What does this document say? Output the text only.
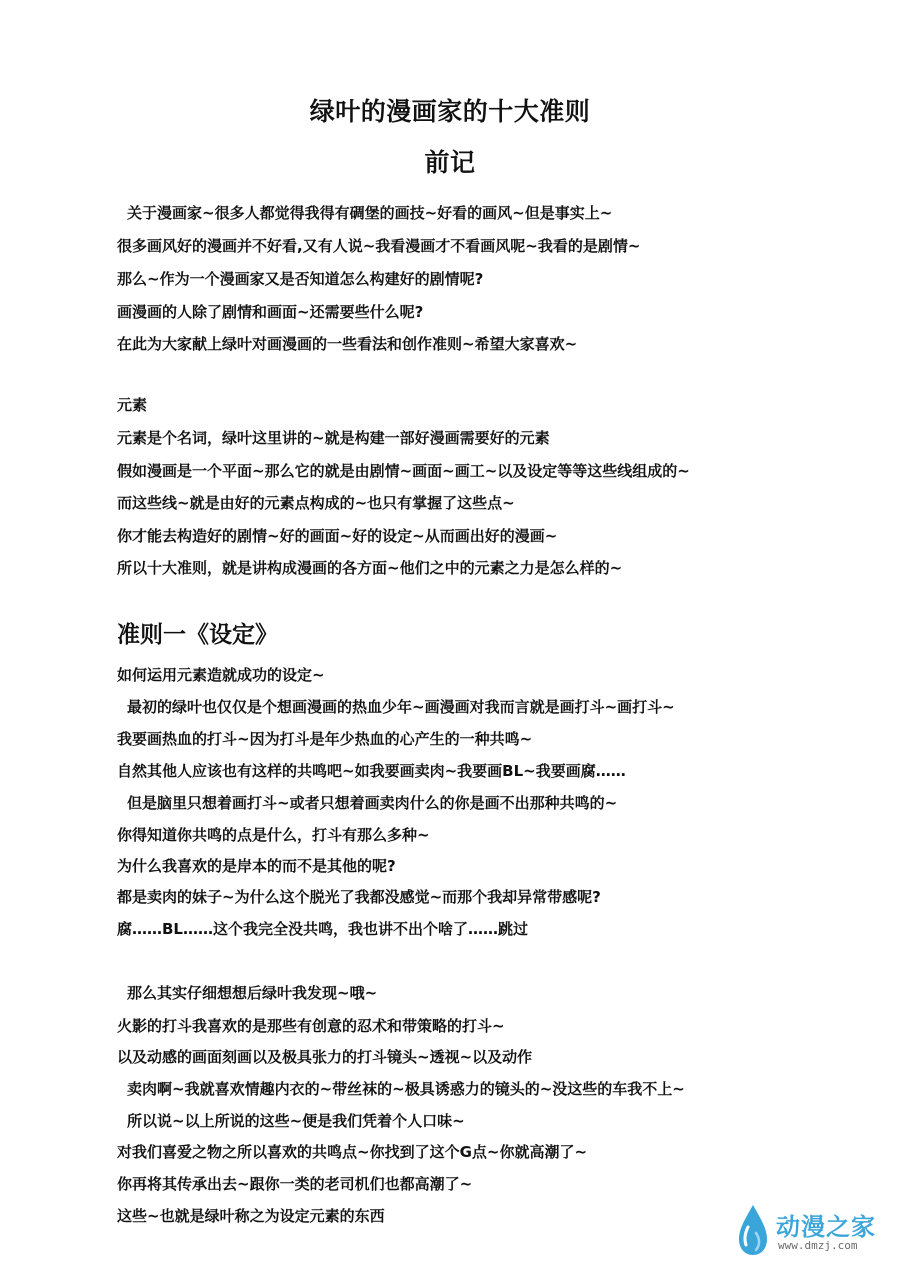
绿叶的漫画家的十大准则
前记

关于漫画家~很多人都觉得我得有碉堡的画技~好看的画风~但是事实上~

很多画风好的漫画并不好看,又有人说~我看漫画才不看画风呢~我看的是剧情~

那么~作为一个漫画家又是否知道怎么构建好的剧情呢?

画漫画的人除了剧情和画面~还需要些什么呢?

在此为大家献上绿叶对画漫画的一些看法和创作准则~希望大家喜欢~

元素

元素是个名词，绿叶这里讲的~就是构建一部好漫画需要好的元素

假如漫画是一个平面~那么它的就是由剧情~画面~画工~以及设定等等这些线组成的~

而这些线~就是由好的元素点构成的~也只有掌握了这些点~

你才能去构造好的剧情~好的画面~好的设定~从而画出好的漫画~

所以十大准则，就是讲构成漫画的各方面~他们之中的元素之力是怎么样的~

准则一《设定》

如何运用元素造就成功的设定~

最初的绿叶也仅仅是个想画漫画的热血少年~画漫画对我而言就是画打斗~画打斗~

我要画热血的打斗~因为打斗是年少热血的心产生的一种共鸣~

自然其他人应该也有这样的共鸣吧~如我要画卖肉~我要画BL~我要画腐……

但是脑里只想着画打斗~或者只想着画卖肉什么的你是画不出那种共鸣的~

你得知道你共鸣的点是什么，打斗有那么多种~

为什么我喜欢的是岸本的而不是其他的呢?

都是卖肉的妹子~为什么这个脱光了我都没感觉~而那个我却异常带感呢?

腐……BL……这个我完全没共鸣，我也讲不出个啥了……跳过

那么其实仔细想想后绿叶我发现~哦~

火影的打斗我喜欢的是那些有创意的忍术和带策略的打斗~

以及动感的画面刻画以及极具张力的打斗镜头~透视~以及动作

卖肉啊~我就喜欢情趣内衣的~带丝袜的~极具诱惑力的镜头的~没这些的车我不上~

所以说~以上所说的这些~便是我们凭着个人口味~

对我们喜爱之物之所以喜欢的共鸣点~你找到了这个G点~你就高潮了~

你再将其传承出去~跟你一类的老司机们也都高潮了~

这些~也就是绿叶称之为设定元素的东西	动漫之家
www.dmzj.com
